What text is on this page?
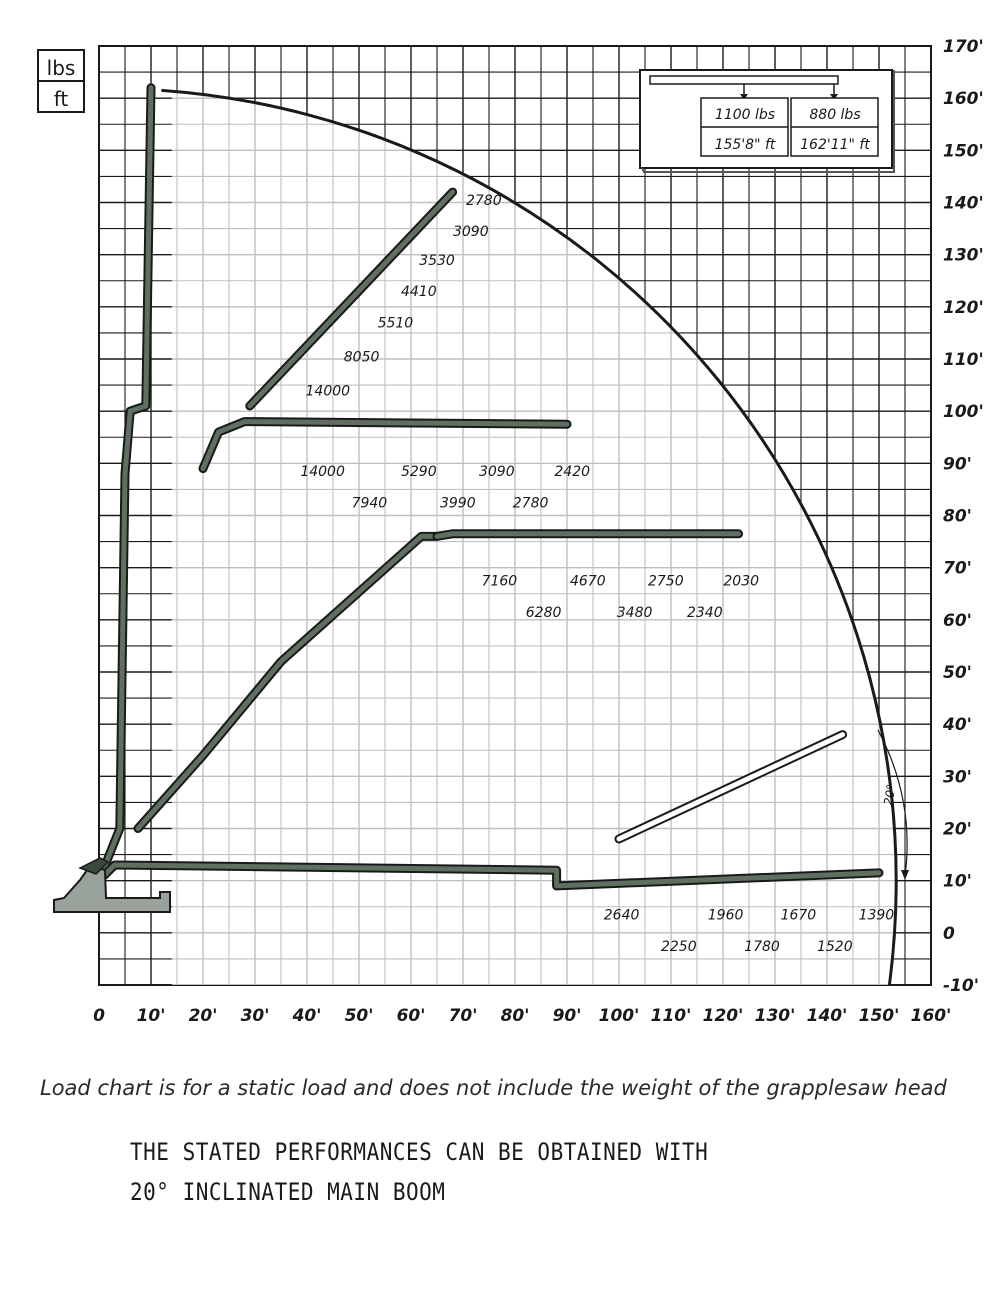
2780
3090
3530
4410
5510
8050
14000
14000	5290	3090	2420
7940	3990	2780
7160	4670	2750	2030
6280	3480 2340
2640	1960	1670	1390
2250	1780	1520
0 10' 20' 30' 40' 50' 60' 70' 80' 90' 100' 110' 120' 130' 140' 150' 160'
170'
160'
150'
140'
130'
120'
110'
100'
90'
80'
70'
60'
50'
40'
30'
20'
10'
0
-10'
lbs
ft
1100 lbs
155'8" ft
880 lbs
162'11" ft
20°
Load chart is for a static load and does not include the weight of the grapplesaw head
THE STATED PERFORMANCES CAN BE OBTAINED WITH
20° INCLINATED MAIN BOOM
